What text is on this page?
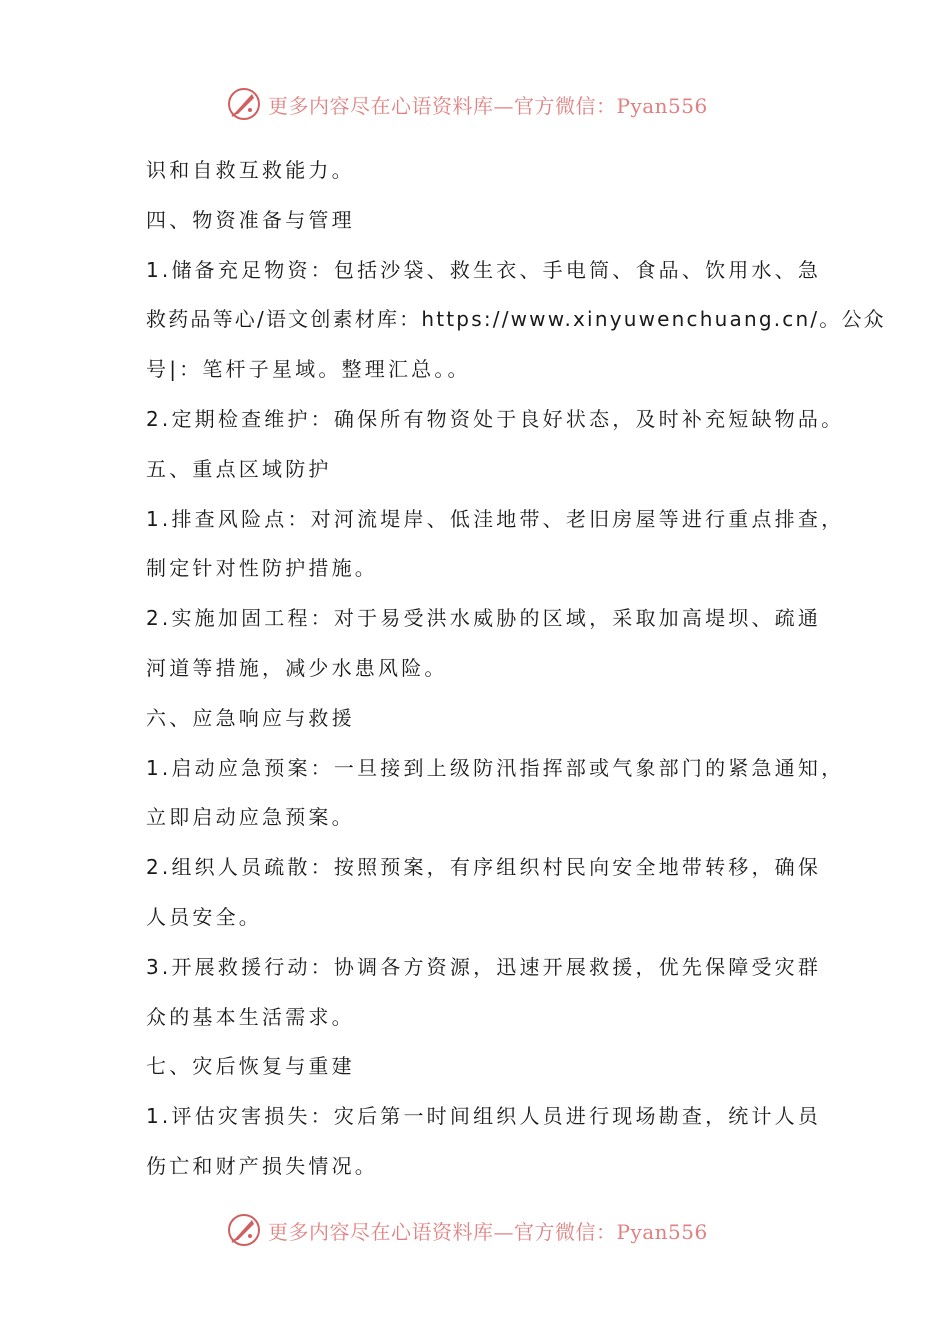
更多内容尽在心语资料库—官方微信：Pyan556
识和自救互救能力。
四、物资准备与管理
1.储备充足物资：包括沙袋、救生衣、手电筒、食品、饮用水、急
救药品等心/语文创素材库：https://www.xinyuwenchuang.cn/。公众
号|：笔杆子星域。整理汇总。。
2.定期检查维护：确保所有物资处于良好状态，及时补充短缺物品。
五、重点区域防护
1.排查风险点：对河流堤岸、低洼地带、老旧房屋等进行重点排查，
制定针对性防护措施。
2.实施加固工程：对于易受洪水威胁的区域，采取加高堤坝、疏通
河道等措施，减少水患风险。
六、应急响应与救援
1.启动应急预案：一旦接到上级防汛指挥部或气象部门的紧急通知，
立即启动应急预案。
2.组织人员疏散：按照预案，有序组织村民向安全地带转移，确保
人员安全。
3.开展救援行动：协调各方资源，迅速开展救援，优先保障受灾群
众的基本生活需求。
七、灾后恢复与重建
1.评估灾害损失：灾后第一时间组织人员进行现场勘查，统计人员
伤亡和财产损失情况。
更多内容尽在心语资料库—官方微信：Pyan556
